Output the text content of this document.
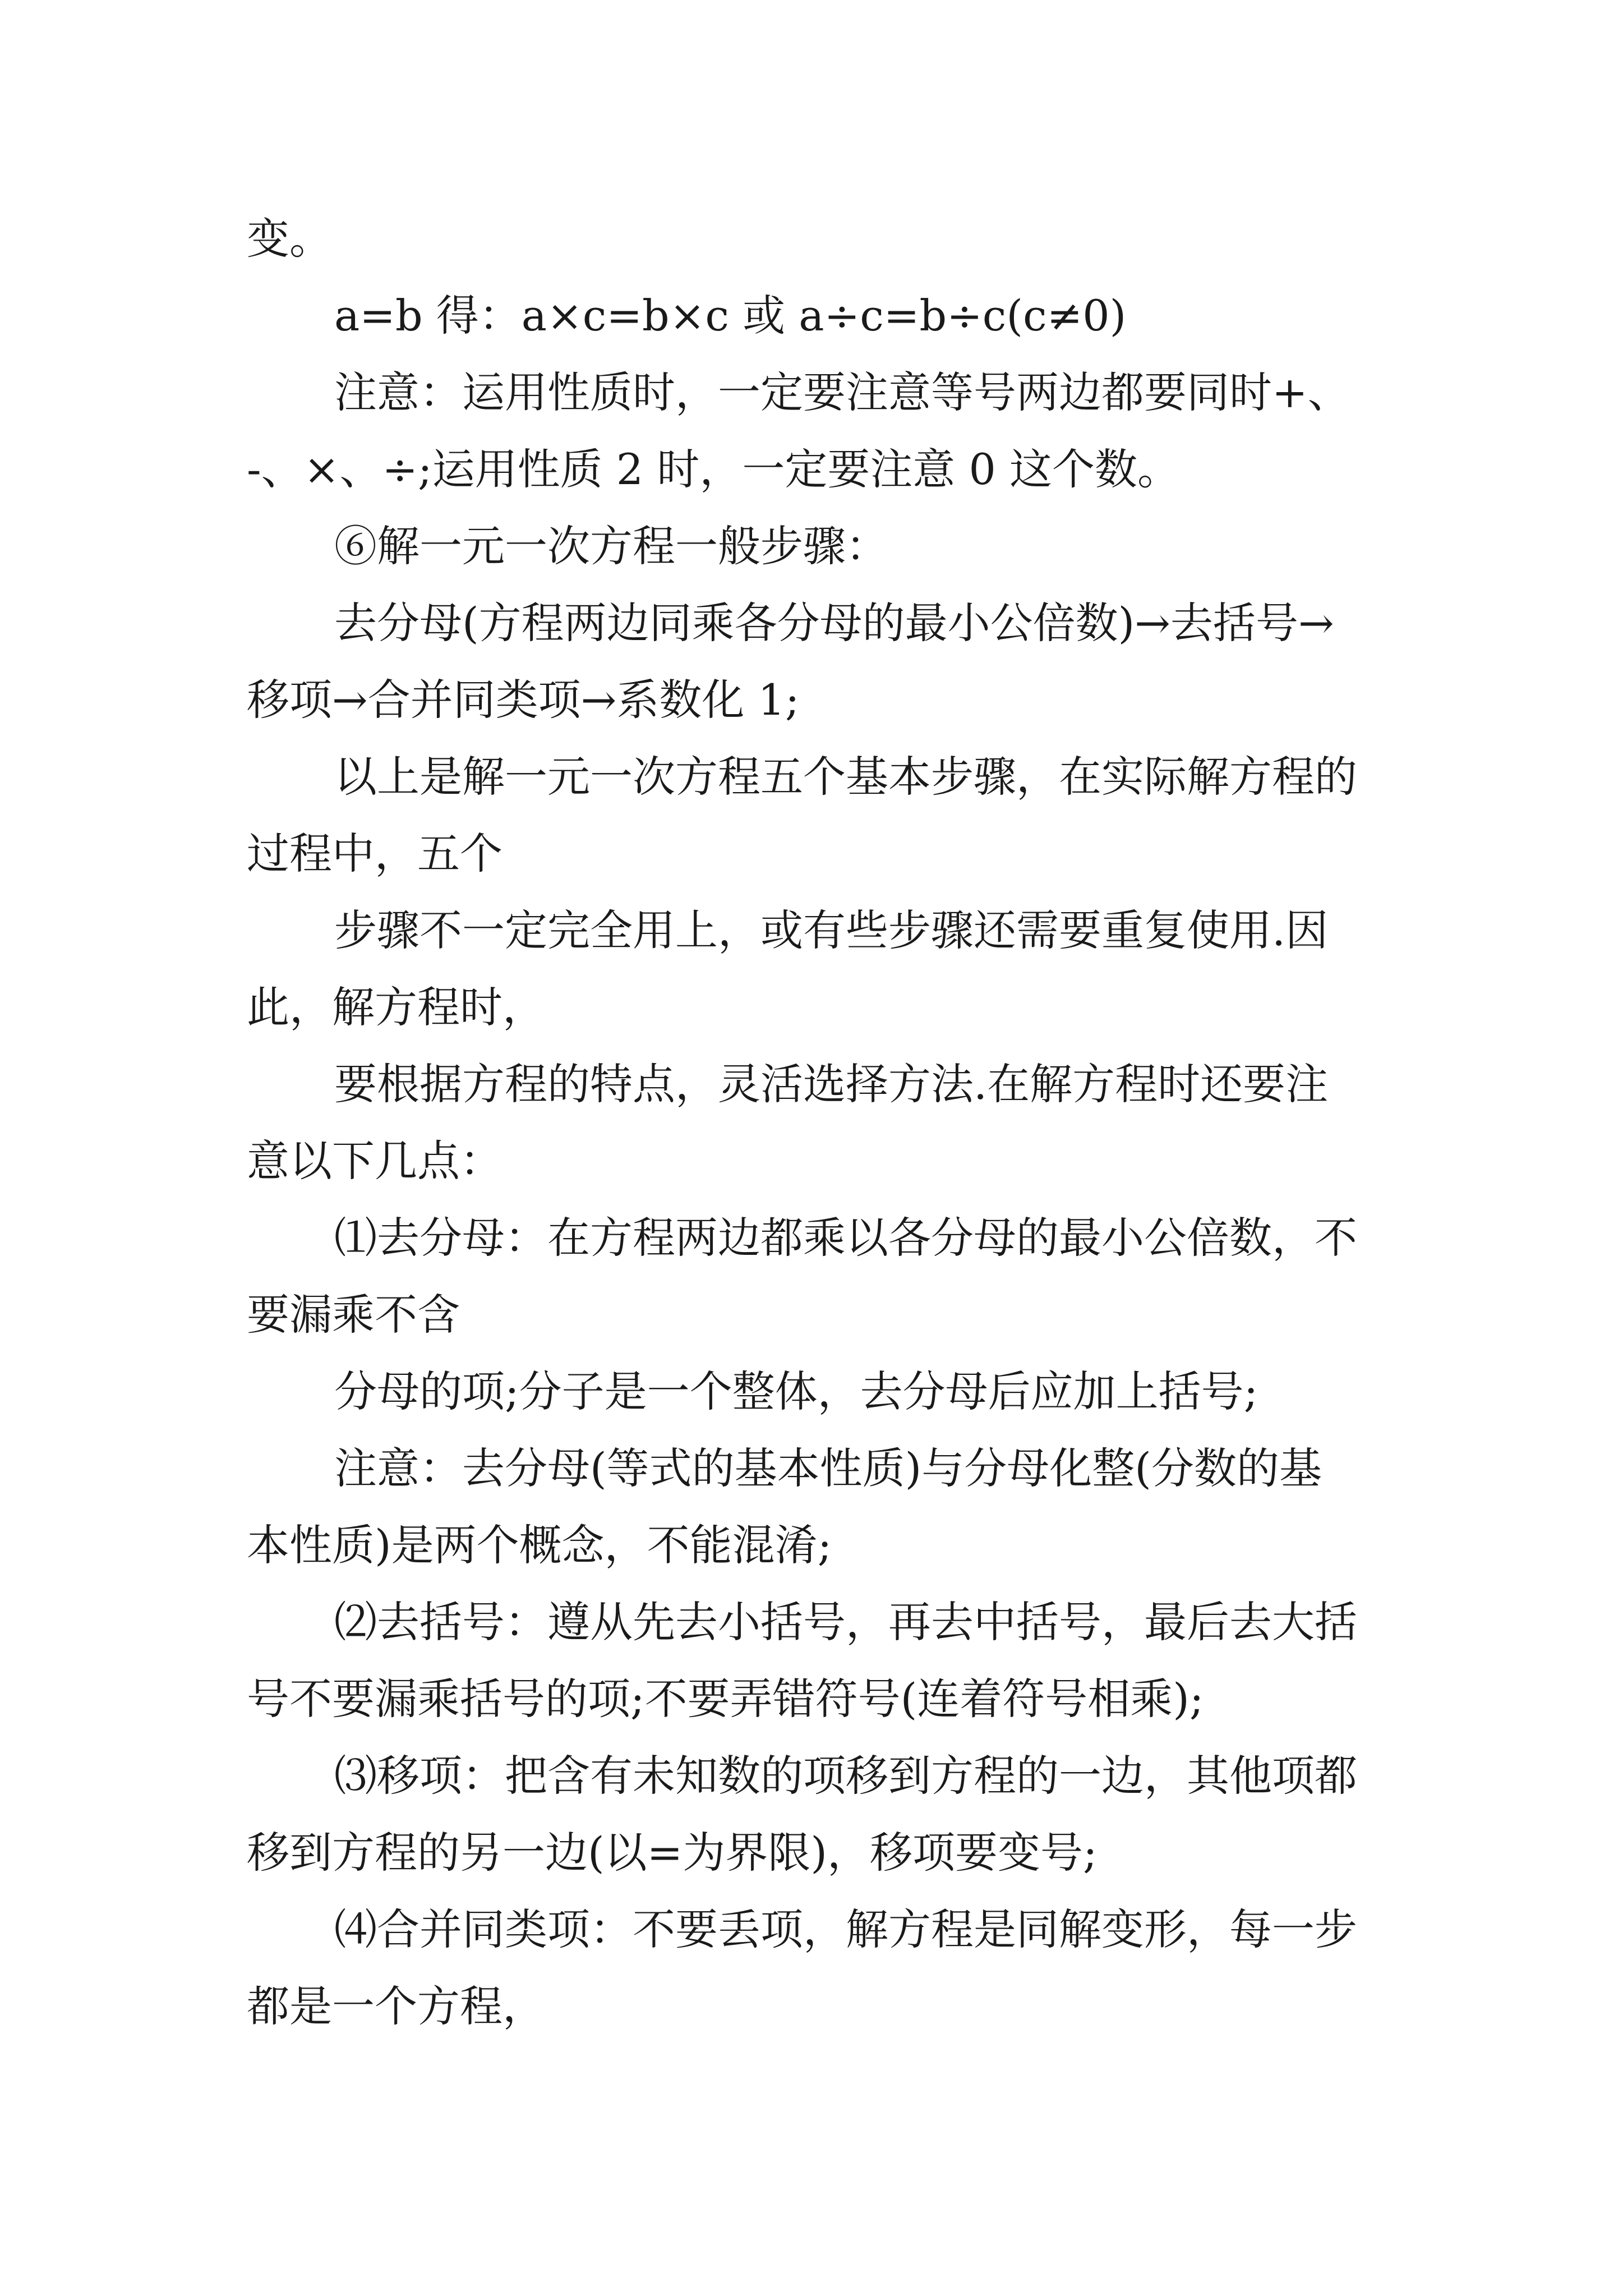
变。
a=b 得：a×c=b×c 或 a÷c=b÷c(c≠0)
注意：运用性质时，一定要注意等号两边都要同时+、
-、×、÷;运用性质 2 时，一定要注意 0 这个数。
⑥解一元一次方程一般步骤：
去分母(方程两边同乘各分母的最小公倍数)→去括号→
移项→合并同类项→系数化 1;
以上是解一元一次方程五个基本步骤，在实际解方程的
过程中，五个
步骤不一定完全用上，或有些步骤还需要重复使用.因
此，解方程时，
要根据方程的特点，灵活选择方法.在解方程时还要注
意以下几点：
⑴去分母：在方程两边都乘以各分母的最小公倍数，不
要漏乘不含
分母的项;分子是一个整体，去分母后应加上括号;
注意：去分母(等式的基本性质)与分母化整(分数的基
本性质)是两个概念，不能混淆;
⑵去括号：遵从先去小括号，再去中括号，最后去大括
号不要漏乘括号的项;不要弄错符号(连着符号相乘);
⑶移项：把含有未知数的项移到方程的一边，其他项都
移到方程的另一边(以=为界限)，移项要变号;
⑷合并同类项：不要丢项，解方程是同解变形，每一步
都是一个方程，
